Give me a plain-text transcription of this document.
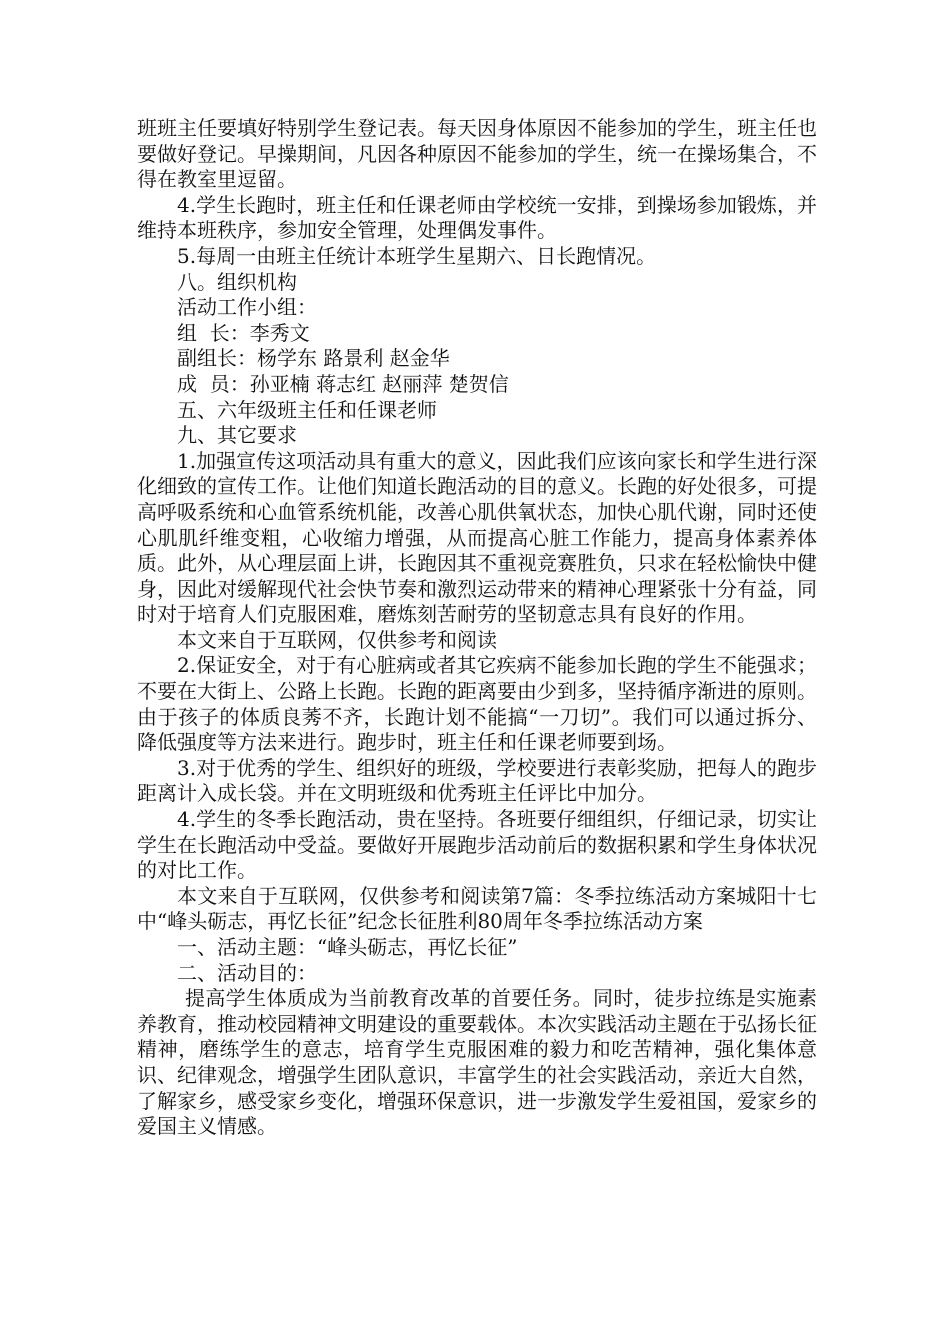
班班主任要填好特别学生登记表。每天因身体原因不能参加的学生，班主任也要做好登记。早操期间，凡因各种原因不能参加的学生，统一在操场集合，不得在教室里逗留。

4.学生长跑时，班主任和任课老师由学校统一安排，到操场参加锻炼，并维持本班秩序，参加安全管理，处理偶发事件。

5.每周一由班主任统计本班学生星期六、日长跑情况。

八。组织机构

活动工作小组：

组  长：李秀文

副组长：杨学东 路景利 赵金华

成  员：孙亚楠 蒋志红 赵丽萍 楚贺信

五、六年级班主任和任课老师

九、其它要求

1.加强宣传这项活动具有重大的意义，因此我们应该向家长和学生进行深化细致的宣传工作。让他们知道长跑活动的目的意义。长跑的好处很多，可提高呼吸系统和心血管系统机能，改善心肌供氧状态，加快心肌代谢，同时还使心肌肌纤维变粗，心收缩力增强，从而提高心脏工作能力，提高身体素养体质。此外，从心理层面上讲，长跑因其不重视竞赛胜负，只求在轻松愉快中健身，因此对缓解现代社会快节奏和激烈运动带来的精神心理紧张十分有益，同时对于培育人们克服困难，磨炼刻苦耐劳的坚韧意志具有良好的作用。

本文来自于互联网，仅供参考和阅读

2.保证安全，对于有心脏病或者其它疾病不能参加长跑的学生不能强求；不要在大街上、公路上长跑。长跑的距离要由少到多，坚持循序渐进的原则。由于孩子的体质良莠不齐，长跑计划不能搞“一刀切”。我们可以通过拆分、降低强度等方法来进行。跑步时，班主任和任课老师要到场。

3.对于优秀的学生、组织好的班级，学校要进行表彰奖励，把每人的跑步距离计入成长袋。并在文明班级和优秀班主任评比中加分。

4.学生的冬季长跑活动，贵在坚持。各班要仔细组织，仔细记录，切实让学生在长跑活动中受益。要做好开展跑步活动前后的数据积累和学生身体状况的对比工作。

本文来自于互联网，仅供参考和阅读第7篇：冬季拉练活动方案城阳十七中“峰头砺志，再忆长征”纪念长征胜利80周年冬季拉练活动方案

一、活动主题：“峰头砺志，再忆长征”

二、活动目的：

提高学生体质成为当前教育改革的首要任务。同时，徒步拉练是实施素养教育，推动校园精神文明建设的重要载体。本次实践活动主题在于弘扬长征精神，磨练学生的意志，培育学生克服困难的毅力和吃苦精神，强化集体意识、纪律观念，增强学生团队意识，丰富学生的社会实践活动，亲近大自然，了解家乡，感受家乡变化，增强环保意识，进一步激发学生爱祖国，爱家乡的爱国主义情感。
